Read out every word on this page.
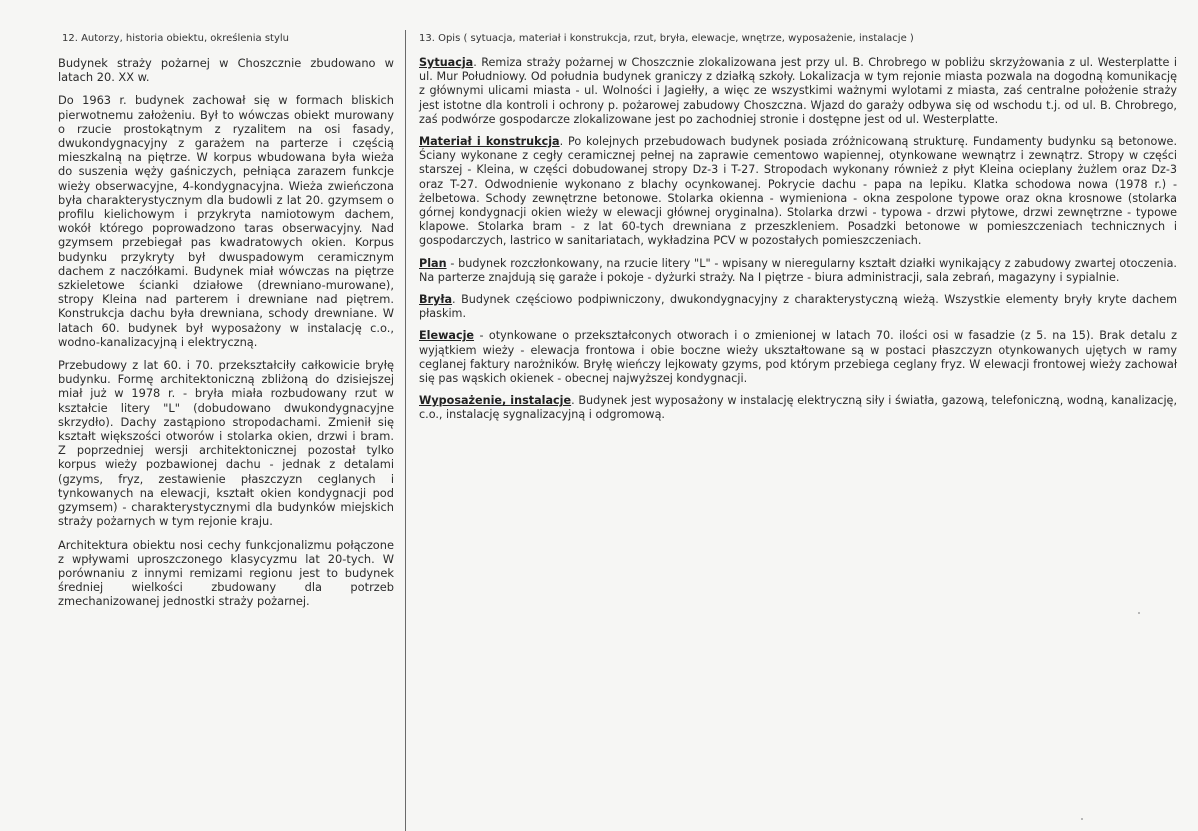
12. Autorzy, historia obiektu, określenia stylu

Budynek straży pożarnej w Choszcznie zbudowano w latach 20. XX w.

Do 1963 r. budynek zachował się w formach bliskich pierwotnemu założeniu. Był to wówczas obiekt murowany o rzucie prostokątnym z ryzalitem na osi fasady, dwukondygnacyjny z garażem na parterze i częścią mieszkalną na piętrze. W korpus wbudowana była wieża do suszenia węży gaśniczych, pełniąca zarazem funkcje wieży obserwacyjne, 4-kondygnacyjna. Wieża zwieńczona była charakterystycznym dla budowli z lat 20. gzymsem o profilu kielichowym i przykryta namiotowym dachem, wokół którego poprowadzono taras obserwacyjny. Nad gzymsem przebiegał pas kwadratowych okien. Korpus budynku przykryty był dwuspadowym ceramicznym dachem z naczółkami. Budynek miał wówczas na piętrze szkieletowe ścianki działowe (drewniano-murowane), stropy Kleina nad parterem i drewniane nad piętrem. Konstrukcja dachu była drewniana, schody drewniane. W latach 60. budynek był wyposażony w instalację c.o., wodno-kanalizacyjną i elektryczną.

Przebudowy z lat 60. i 70. przekształciły całkowicie bryłę budynku. Formę architektoniczną zbliżoną do dzisiejszej miał już w 1978 r. - bryła miała rozbudowany rzut w kształcie litery "L" (dobudowano dwukondygnacyjne skrzydło). Dachy zastąpiono stropodachami. Zmienił się kształt większości otworów i stolarka okien, drzwi i bram. Z poprzedniej wersji architektonicznej pozostał tylko korpus wieży pozbawionej dachu - jednak z detalami (gzyms, fryz, zestawienie płaszczyzn ceglanych i tynkowanych na elewacji, kształt okien kondygnacji pod gzymsem) - charakterystycznymi dla budynków miejskich straży pożarnych w tym rejonie kraju.

Architektura obiektu nosi cechy funkcjonalizmu połączone z wpływami uproszczonego klasycyzmu lat 20-tych. W porównaniu z innymi remizami regionu jest to budynek średniej wielkości zbudowany dla potrzeb zmechanizowanej jednostki straży pożarnej.

13. Opis ( sytuacja, materiał i konstrukcja, rzut, bryła, elewacje, wnętrze, wyposażenie, instalacje )

Sytuacja. Remiza straży pożarnej w Choszcznie zlokalizowana jest przy ul. B. Chrobrego w pobliżu skrzyżowania z ul. Westerplatte i ul. Mur Południowy. Od południa budynek graniczy z działką szkoły. Lokalizacja w tym rejonie miasta pozwala na dogodną komunikację z głównymi ulicami miasta - ul. Wolności i Jagiełły, a więc ze wszystkimi ważnymi wylotami z miasta, zaś centralne położenie straży jest istotne dla kontroli i ochrony p. pożarowej zabudowy Choszczna. Wjazd do garaży odbywa się od wschodu t.j. od ul. B. Chrobrego, zaś podwórze gospodarcze zlokalizowane jest po zachodniej stronie i dostępne jest od ul. Westerplatte.

Materiał i konstrukcja. Po kolejnych przebudowach budynek posiada zróżnicowaną strukturę. Fundamenty budynku są betonowe. Ściany wykonane z cegły ceramicznej pełnej na zaprawie cementowo wapiennej, otynkowane wewnątrz i zewnątrz. Stropy w części starszej - Kleina, w części dobudowanej stropy Dz-3 i T-27. Stropodach wykonany również z płyt Kleina ocieplany żużlem oraz Dz-3 oraz T-27. Odwodnienie wykonano z blachy ocynkowanej. Pokrycie dachu - papa na lepiku. Klatka schodowa nowa (1978 r.) - żelbetowa. Schody zewnętrzne betonowe. Stolarka okienna - wymieniona - okna zespolone typowe oraz okna krosnowe (stolarka górnej kondygnacji okien wieży w elewacji głównej oryginalna). Stolarka drzwi - typowa - drzwi płytowe, drzwi zewnętrzne - typowe klapowe. Stolarka bram - z lat 60-tych drewniana z przeszkleniem. Posadzki betonowe w pomieszczeniach technicznych i gospodarczych, lastrico w sanitariatach, wykładzina PCV w pozostałych pomieszczeniach.

Plan - budynek rozczłonkowany, na rzucie litery "L" - wpisany w nieregularny kształt działki wynikający z zabudowy zwartej otoczenia. Na parterze znajdują się garaże i pokoje - dyżurki straży. Na I piętrze - biura administracji, sala zebrań, magazyny i sypialnie.

Bryła. Budynek częściowo podpiwniczony, dwukondygnacyjny z charakterystyczną wieżą. Wszystkie elementy bryły kryte dachem płaskim.

Elewacje - otynkowane o przekształconych otworach i o zmienionej w latach 70. ilości osi w fasadzie (z 5. na 15). Brak detalu z wyjątkiem wieży - elewacja frontowa i obie boczne wieży ukształtowane są w postaci płaszczyzn otynkowanych ujętych w ramy ceglanej faktury narożników. Bryłę wieńczy lejkowaty gzyms, pod którym przebiega ceglany fryz. W elewacji frontowej wieży zachował się pas wąskich okienek - obecnej najwyższej kondygnacji.

Wyposażenie, instalacje. Budynek jest wyposażony w instalację elektryczną siły i światła, gazową, telefoniczną, wodną, kanalizację, c.o., instalację sygnalizacyjną i odgromową.
